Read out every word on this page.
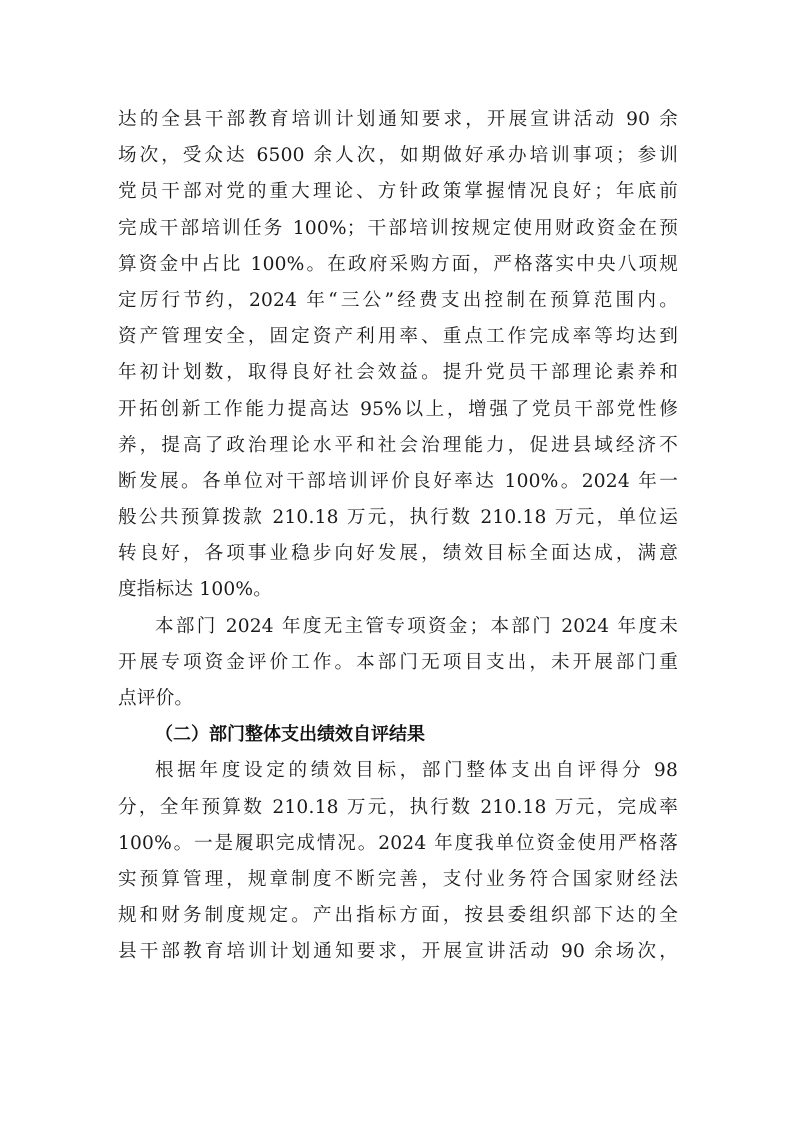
达的全县干部教育培训计划通知要求，开展宣讲活动 90 余
场次，受众达 6500 余人次，如期做好承办培训事项；参训
党员干部对党的重大理论、方针政策掌握情况良好；年底前
完成干部培训任务 100%；干部培训按规定使用财政资金在预
算资金中占比 100%。在政府采购方面，严格落实中央八项规
定厉行节约，2024 年“三公”经费支出控制在预算范围内。
资产管理安全，固定资产利用率、重点工作完成率等均达到
年初计划数，取得良好社会效益。提升党员干部理论素养和
开拓创新工作能力提高达 95%以上，增强了党员干部党性修
养，提高了政治理论水平和社会治理能力，促进县域经济不
断发展。各单位对干部培训评价良好率达 100%。2024 年一
般公共预算拨款 210.18 万元，执行数 210.18 万元，单位运
转良好，各项事业稳步向好发展，绩效目标全面达成，满意
度指标达 100%。
本部门 2024 年度无主管专项资金；本部门 2024 年度未
开展专项资金评价工作。本部门无项目支出，未开展部门重
点评价。
（二）部门整体支出绩效自评结果
根据年度设定的绩效目标，部门整体支出自评得分 98
分，全年预算数 210.18 万元，执行数 210.18 万元，完成率
100%。一是履职完成情况。2024 年度我单位资金使用严格落
实预算管理，规章制度不断完善，支付业务符合国家财经法
规和财务制度规定。产出指标方面，按县委组织部下达的全
县干部教育培训计划通知要求，开展宣讲活动 90 余场次，
